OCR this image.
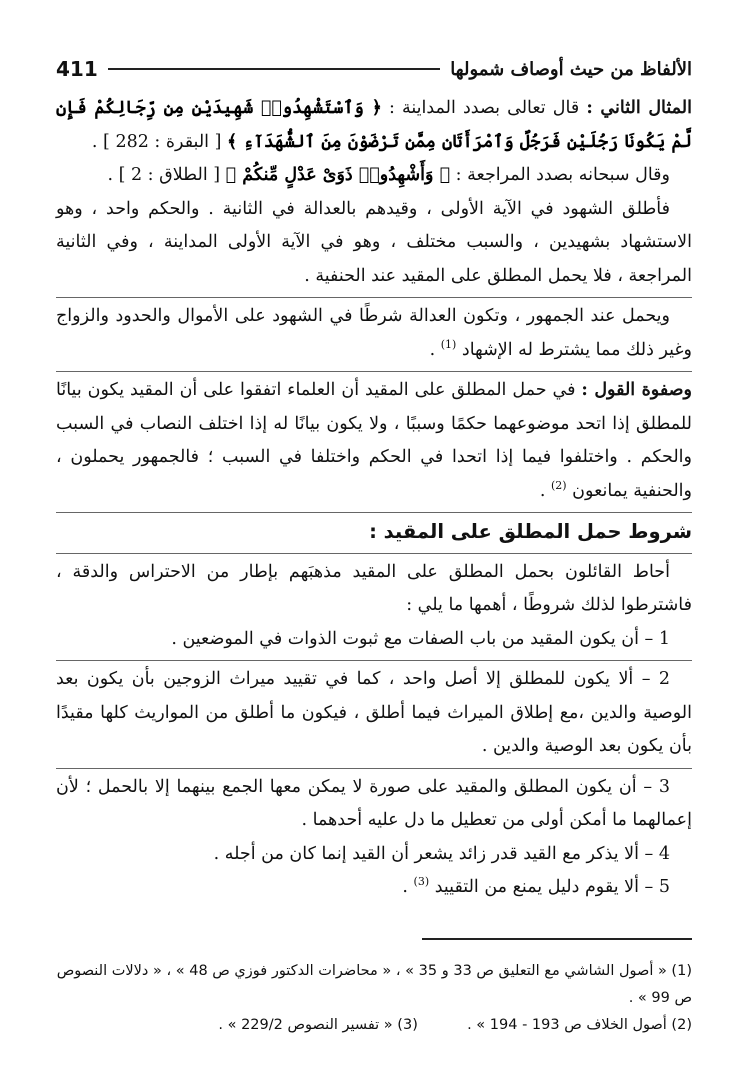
الألفاظ من حيث أوصاف شمولها
411

المثال الثاني : قال تعالى بصدد المداينة : ﴿ وَٱسْتَشْهِدُوا۟ شَهِيدَيْنِ مِن رِّجَالِكُمْ فَإِن لَّمْ يَكُونَا رَجُلَيْنِ فَرَجُلٌ وَٱمْرَأَتَانِ مِمَّن تَرْضَوْنَ مِنَ ٱلشُّهَدَآءِ ﴾ [ البقرة : 282 ] .

وقال سبحانه بصدد المراجعة : ﴿ وَأَشْهِدُوا۟ ذَوَىْ عَدْلٍ مِّنكُمْ ﴾ [ الطلاق : 2 ] .

فأطلق الشهود في الآية الأولى ، وقيدهم بالعدالة في الثانية . والحكم واحد ، وهو الاستشهاد بشهيدين ، والسبب مختلف ، وهو في الآية الأولى المداينة ، وفي الثانية المراجعة ، فلا يحمل المطلق على المقيد عند الحنفية .

ويحمل عند الجمهور ، وتكون العدالة شرطًا في الشهود على الأموال والحدود والزواج وغير ذلك مما يشترط له الإشهاد $^{(1)}$ .

وصفوة القول : في حمل المطلق على المقيد أن العلماء اتفقوا على أن المقيد يكون بيانًا للمطلق إذا اتحد موضوعهما حكمًا وسببًا ، ولا يكون بيانًا له إذا اختلف النصاب في السبب والحكم . واختلفوا فيما إذا اتحدا في الحكم واختلفا في السبب ؛ فالجمهور يحملون ، والحنفية يمانعون $^{(2)}$ .

شروط حمل المطلق على المقيد :

أحاط القائلون بحمل المطلق على المقيد مذهبَهم بإطار من الاحتراس والدقة ، فاشترطوا لذلك شروطًا ، أهمها ما يلي :

1 – أن يكون المقيد من باب الصفات مع ثبوت الذوات في الموضعين .

2 – ألا يكون للمطلق إلا أصل واحد ، كما في تقييد ميراث الزوجين بأن يكون بعد الوصية والدين ،مع إطلاق الميراث فيما أطلق ، فيكون ما أطلق من المواريث كلها مقيدًا بأن يكون بعد الوصية والدين .

3 – أن يكون المطلق والمقيد على صورة لا يمكن معها الجمع بينهما إلا بالحمل ؛ لأن إعمالهما ما أمكن أولى من تعطيل ما دل عليه أحدهما .

4 – ألا يذكر مع القيد قدر زائد يشعر أن القيد إنما كان من أجله .

5 – ألا يقوم دليل يمنع من التقييد $^{(3)}$ .

(1) « أصول الشاشي مع التعليق ص 33 و 35 » ، « محاضرات الدكتور فوزي ص 48 » ، « دلالات النصوص ص 99 » .

(2) أصول الخلاف ص 193 - 194 » .  (3) « تفسير النصوص 229/2 » .
